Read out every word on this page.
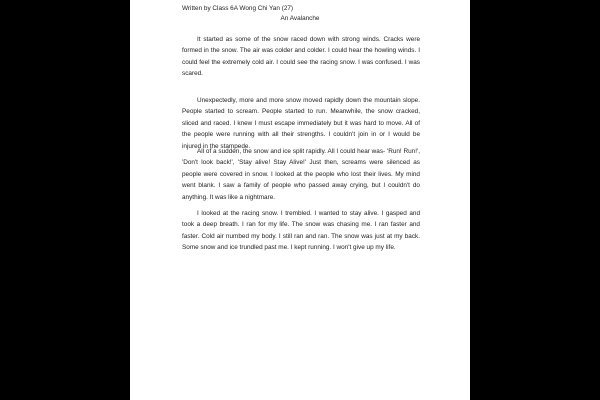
Written by Class 6A Wong Chi Yan (27)
An Avalanche

It started as some of the snow raced down with strong winds. Cracks were formed in the snow. The air was colder and colder. I could hear the howling winds. I could feel the extremely cold air. I could see the racing snow. I was confused. I was scared.

Unexpectedly, more and more snow moved rapidly down the mountain slope. People started to scream. People started to run. Meanwhile, the snow cracked, sliced and raced. I knew I must escape immediately but it was hard to move. All of the people were running with all their strengths. I couldn't join in or I would be injured in the stampede.

All of a sudden, the snow and ice split rapidly. All I could hear was- 'Run! Run!', 'Don't look back!', 'Stay alive! Stay Alive!' Just then, screams were silenced as people were covered in snow. I looked at the people who lost their lives. My mind went blank. I saw a family of people who passed away crying, but I couldn't do anything. It was like a nightmare.

I looked at the racing snow. I trembled. I wanted to stay alive. I gasped and took a deep breath. I ran for my life. The snow was chasing me. I ran faster and faster. Cold air numbed my body. I still ran and ran. The snow was just at my back. Some snow and ice trundled past me. I kept running. I won't give up my life.
